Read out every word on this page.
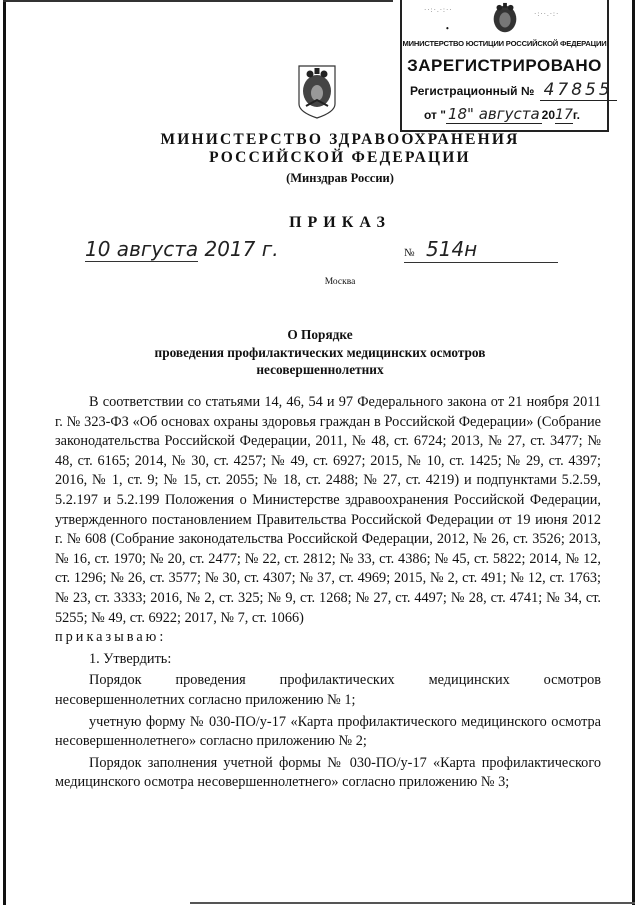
··:·.·:··	·:··.·:·
•
МИНИСТЕРСТВО ЮСТИЦИИ РОССИЙСКОЙ ФЕДЕРАЦИИ
ЗАРЕГИСТРИРОВАНО
Регистрационный № 47855
от " 18" августа 2017г.
МИНИСТЕРСТВО ЗДРАВООХРАНЕНИЯ
РОССИЙСКОЙ ФЕДЕРАЦИИ
(Минздрав России)
ПРИКАЗ
10 августа 2017 г.	№ 514н
Москва
О Порядке
проведения профилактических медицинских осмотров
несовершеннолетних

В соответствии со статьями 14, 46, 54 и 97 Федерального закона от 21 ноября 2011 г. № 323-ФЗ «Об основах охраны здоровья граждан в Российской Федерации» (Собрание законодательства Российской Федерации, 2011, № 48, ст. 6724; 2013, № 27, ст. 3477; № 48, ст. 6165; 2014, № 30, ст. 4257; № 49, ст. 6927; 2015, № 10, ст. 1425; № 29, ст. 4397; 2016, № 1, ст. 9; № 15, ст. 2055; № 18, ст. 2488; № 27, ст. 4219) и подпунктами 5.2.59, 5.2.197 и 5.2.199 Положения о Министерстве здравоохранения Российской Федерации, утвержденного постановлением Правительства Российской Федерации от 19 июня 2012 г. № 608 (Собрание законодательства Российской Федерации, 2012, № 26, ст. 3526; 2013, № 16, ст. 1970; № 20, ст. 2477; № 22, ст. 2812; № 33, ст. 4386; № 45, ст. 5822; 2014, № 12, ст. 1296; № 26, ст. 3577; № 30, ст. 4307; № 37, ст. 4969; 2015, № 2, ст. 491; № 12, ст. 1763; № 23, ст. 3333; 2016, № 2, ст. 325; № 9, ст. 1268; № 27, ст. 4497; № 28, ст. 4741; № 34, ст. 5255; № 49, ст. 6922; 2017, № 7, ст. 1066)

приказываю:

1. Утвердить:

Порядок проведения профилактических медицинских осмотров несовершеннолетних согласно приложению № 1;

учетную форму № 030-ПО/у-17 «Карта профилактического медицинского осмотра несовершеннолетнего» согласно приложению № 2;

Порядок заполнения учетной формы № 030-ПО/у-17 «Карта профилактического медицинского осмотра несовершеннолетнего» согласно приложению № 3;
